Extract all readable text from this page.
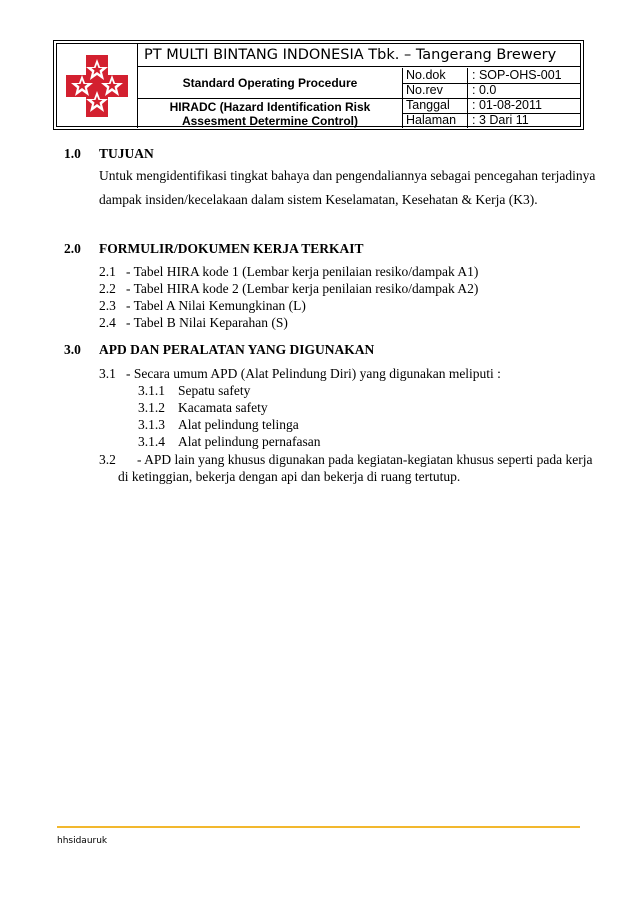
PT MULTI BINTANG INDONESIA Tbk. – Tangerang Brewery
Standard Operating Procedure
HIRADC (Hazard Identification Risk
Assesment Determine Control)
No.dok	: SOP-OHS-001
No.rev	: 0.0
Tanggal	: 01-08-2011
Halaman	: 3 Dari 11
1.0 TUJUAN
Untuk mengidentifikasi tingkat bahaya dan pengendaliannya sebagai pencegahan terjadinya
dampak insiden/kecelakaan dalam sistem Keselamatan, Kesehatan & Kerja (K3).
2.0 FORMULIR/DOKUMEN KERJA TERKAIT
2.1 - Tabel HIRA kode 1 (Lembar kerja penilaian resiko/dampak A1)
2.2 - Tabel HIRA kode 2 (Lembar kerja penilaian resiko/dampak A2)
2.3 - Tabel A Nilai Kemungkinan (L)
2.4 - Tabel B Nilai Keparahan (S)
3.0 APD DAN PERALATAN YANG DIGUNAKAN
3.1 - Secara umum APD (Alat Pelindung Diri) yang digunakan meliputi :
3.1.1 Sepatu safety
3.1.2 Kacamata safety
3.1.3 Alat pelindung telinga
3.1.4 Alat pelindung pernafasan
3.2 - APD lain yang khusus digunakan pada kegiatan-kegiatan khusus seperti pada kerja
di ketinggian, bekerja dengan api dan bekerja di ruang tertutup.
hhsidauruk
